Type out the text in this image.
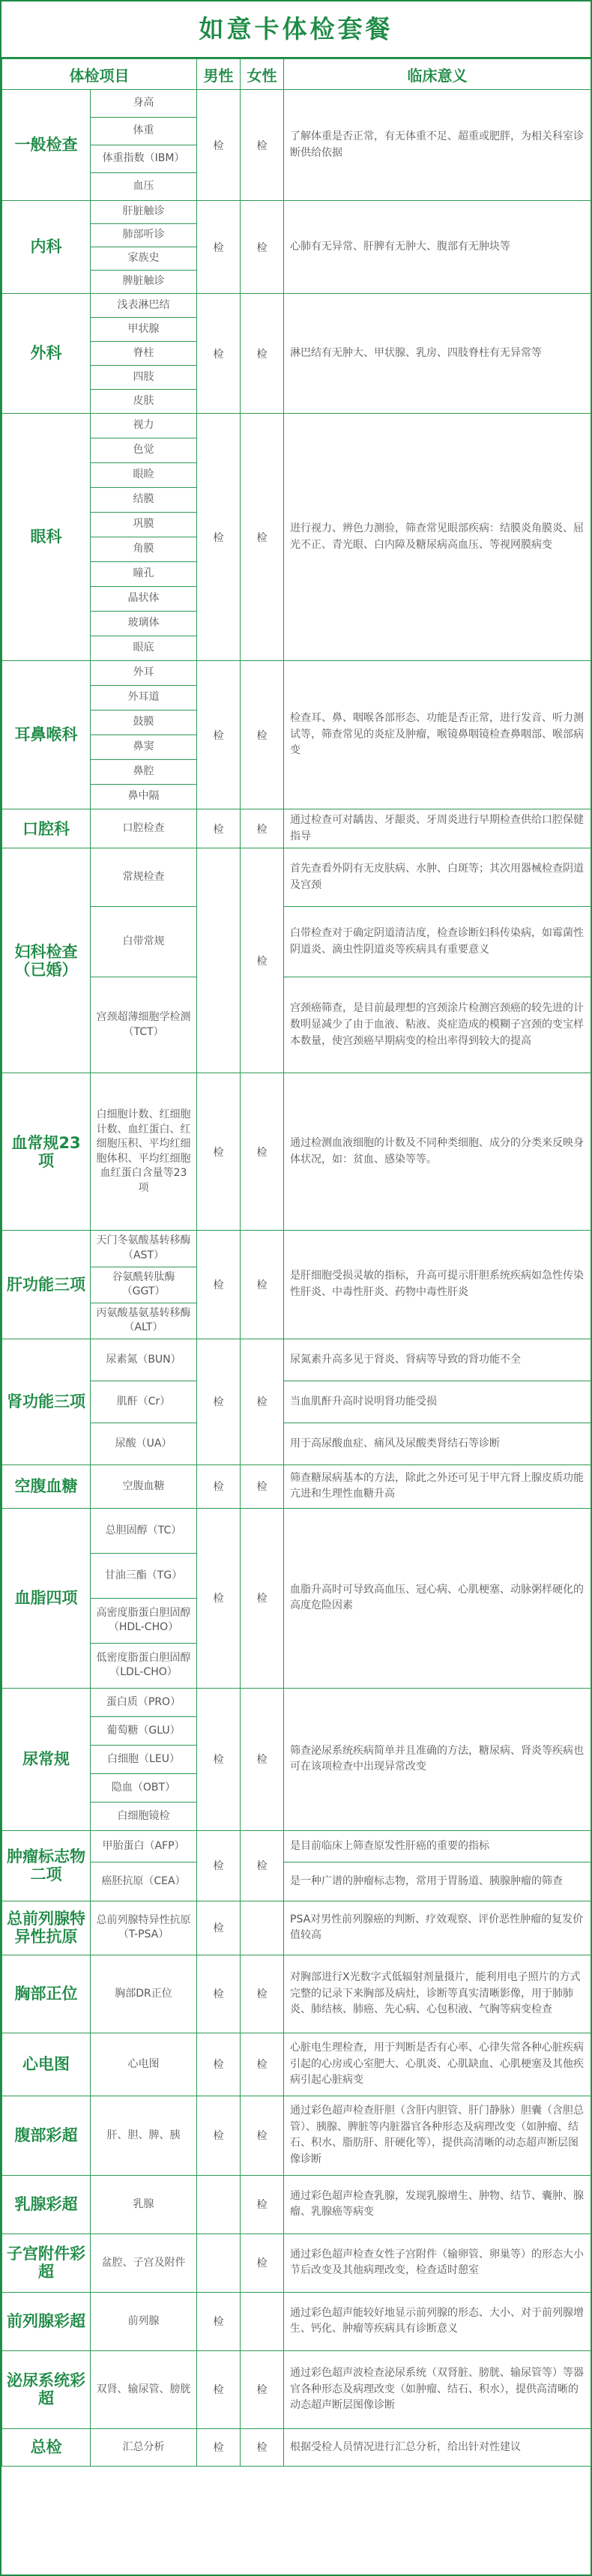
如意卡体检套餐
体检项目		男性	女性	临床意义
一般检查	身高	检	检	了解体重是否正常，有无体重不足、超重或肥胖，为相关科室诊断供给依据
	体重			
	体重指数（IBM）			
	血压			
内科	肝脏触诊	检	检	心肺有无异常、肝脾有无肿大、腹部有无肿块等
	肺部听诊			
	家族史			
	脾脏触诊			
外科	浅表淋巴结	检	检	淋巴结有无肿大、甲状腺、乳房、四肢脊柱有无异常等
	甲状腺			
	脊柱			
	四肢			
	皮肤			
眼科	视力	检	检	进行视力、辨色力测验，筛查常见眼部疾病：结膜炎角膜炎、屈光不正、青光眼、白内障及糖尿病高血压、等视网膜病变
	色觉			
	眼睑			
	结膜			
	巩膜			
	角膜			
	瞳孔			
	晶状体			
	玻璃体			
	眼底			
耳鼻喉科	外耳	检	检	检查耳、鼻、咽喉各部形态、功能是否正常，进行发音、听力测试等，筛查常见的炎症及肿瘤，喉镜鼻咽镜检查鼻咽部、喉部病变
	外耳道			
	鼓膜			
	鼻窦			
	鼻腔			
	鼻中隔			
口腔科	口腔检查	检	检	通过检查可对龋齿、牙龈炎、牙周炎进行早期检查供给口腔保健指导
妇科检查（已婚）	常规检查		检	首先查看外阴有无皮肤病、水肿、白斑等；其次用器械检查阴道及宫颈
	白带常规			白带检查对于确定阴道清洁度，检查诊断妇科传染病，如霉菌性阴道炎、滴虫性阴道炎等疾病具有重要意义
	宫颈超薄细胞学检测（TCT）			宫颈癌筛查，是目前最理想的宫颈涂片检测宫颈癌的较先进的计数明显减少了由于血液、粘液、炎症造成的模糊子宫颈的变宝样本数量，使宫颈癌早期病变的检出率得到较大的提高
血常规23项	白细胞计数、红细胞计数、血红蛋白、红细胞压积、平均红细胞体积、平均红细胞血红蛋白含量等23项	检	检	通过检测血液细胞的计数及不同种类细胞、成分的分类来反映身体状况，如：贫血、感染等等。
肝功能三项	天门冬氨酸基转移酶（AST）	检	检	是肝细胞受损灵敏的指标，升高可提示肝胆系统疾病如急性传染性肝炎、中毒性肝炎、药物中毒性肝炎
	谷氨酰转肽酶（GGT）			
	丙氨酸基氨基转移酶（ALT）			
肾功能三项	尿素氮（BUN）	检	检	尿氮素升高多见于肾炎、肾病等导致的肾功能不全
	肌酐（Cr）			当血肌酐升高时说明肾功能受损
	尿酸（UA）			用于高尿酸血症、痛风及尿酸类肾结石等诊断
空腹血糖	空腹血糖	检	检	筛查糖尿病基本的方法，除此之外还可见于甲亢肾上腺皮质功能亢进和生理性血糖升高
血脂四项	总胆固醇（TC）	检	检	血脂升高时可导致高血压、冠心病、心肌梗塞、动脉粥样硬化的高度危险因素
	甘油三酯（TG）			
	高密度脂蛋白胆固醇（HDL-CHO）			
	低密度脂蛋白胆固醇（LDL-CHO）			
尿常规	蛋白质（PRO）	检	检	筛查泌尿系统疾病简单并且准确的方法，糖尿病、肾炎等疾病也可在该项检查中出现异常改变
	葡萄糖（GLU）			
	白细胞（LEU）			
	隐血（OBT）			
	白细胞镜检			
肿瘤标志物二项	甲胎蛋白（AFP）	检	检	是目前临床上筛查原发性肝癌的重要的指标
	癌胚抗原（CEA）			是一种广谱的肿瘤标志物，常用于胃肠道、胰腺肿瘤的筛查
总前列腺特异性抗原	总前列腺特异性抗原（T-PSA）	检		PSA对男性前列腺癌的判断、疗效观察、评价恶性肿瘤的复发价值较高
胸部正位	胸部DR正位	检	检	对胸部进行X光数字式低辐射剂量摄片，能利用电子照片的方式完整的记录下来胸部及病灶，诊断等真实清晰影像，用于肺肺炎、肺结核、肺癌、先心病、心包积液、气胸等病变检查
心电图	心电图	检	检	心脏电生理检查，用于判断是否有心率、心律失常各种心脏疾病引起的心房或心室肥大、心肌炎、心肌缺血、心肌梗塞及其他疾病引起心脏病变
腹部彩超	肝、胆、脾、胰	检	检	通过彩色超声检查肝胆（含肝内胆管、肝门静脉）胆囊（含胆总管）、胰腺、脾脏等内脏器官各种形态及病理改变（如肿瘤、结石、积水、脂肪肝、肝硬化等），提供高清晰的动态超声断层图像诊断
乳腺彩超	乳腺		检	通过彩色超声检查乳腺，发现乳腺增生、肿物、结节、囊肿、腺瘤、乳腺癌等病变
子宫附件彩超	盆腔、子宫及附件		检	通过彩色超声检查女性子宫附件（输卵管、卵巢等）的形态大小节后改变及其他病理改变，检查适时憩室
前列腺彩超	前列腺	检		通过彩色超声能较好地显示前列腺的形态、大小、对于前列腺增生、钙化、肿瘤等疾病具有诊断意义
泌尿系统彩超	双肾、输尿管、膀胱	检	检	通过彩色超声波检查泌尿系统（双肾脏、膀胱、输尿管等）等器官各种形态及病理改变（如肿瘤、结石、积水），提供高清晰的动态超声断层图像诊断
总检	汇总分析	检	检	根据受检人员情况进行汇总分析，给出针对性建议
